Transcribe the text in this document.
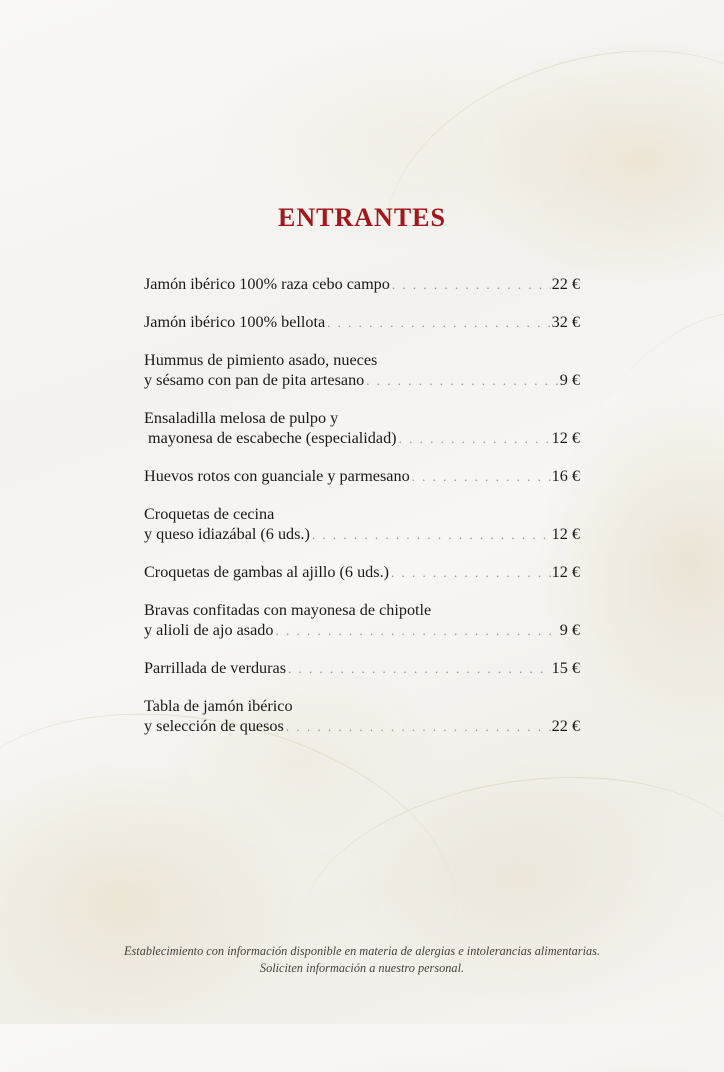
ENTRANTES
Jamón ibérico 100% raza cebo campo . . .	22 €
Jamón ibérico 100% bellota . . .	32 €
Hummus de pimiento asado, nueces
y sésamo con pan de pita artesano . . .	9 €
Ensaladilla melosa de pulpo y
mayonesa de escabeche (especialidad) . . .	12 €
Huevos rotos con guanciale y parmesano . . .	16 €
Croquetas de cecina
y queso idiazábal (6 uds.) . . .	12 €
Croquetas de gambas al ajillo (6 uds.) . . .	12 €
Bravas confitadas con mayonesa de chipotle
y alioli de ajo asado . . .	9 €
Parrillada de verduras . . .	15 €
Tabla de jamón ibérico
y selección de quesos . . .	22 €
Establecimiento con información disponible en materia de alergias e intolerancias alimentarias.
Soliciten información a nuestro personal.
